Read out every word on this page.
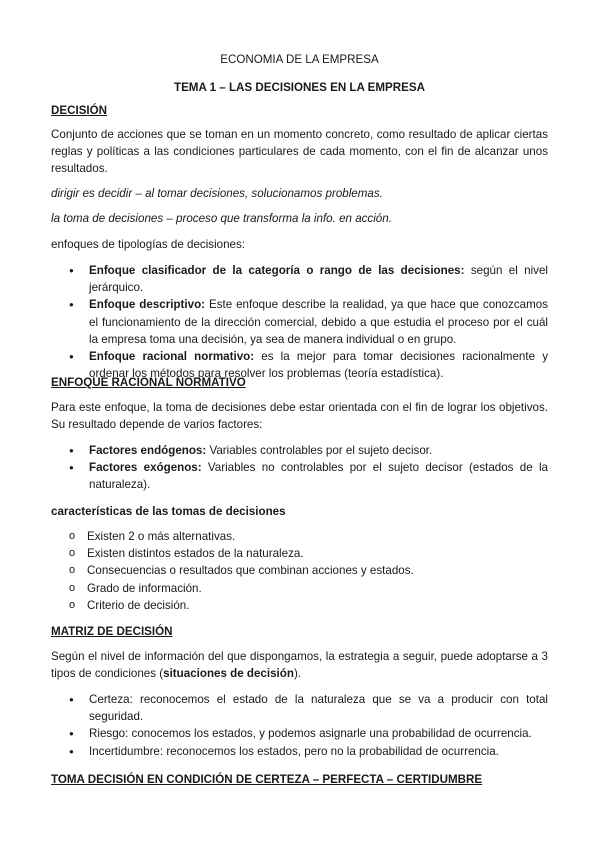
ECONOMIA DE LA EMPRESA
TEMA 1 – LAS DECISIONES EN LA EMPRESA
DECISIÓN
Conjunto de acciones que se toman en un momento concreto, como resultado de aplicar ciertas reglas y políticas a las condiciones particulares de cada momento, con el fin de alcanzar unos resultados.
dirigir es decidir – al tomar decisiones, solucionamos problemas.
la toma de decisiones – proceso que transforma la info. en acción.
enfoques de tipologías de decisiones:
● Enfoque clasificador de la categoría o rango de las decisiones: según el nivel jerárquico.
● Enfoque descriptivo: Este enfoque describe la realidad, ya que hace que conozcamos el funcionamiento de la dirección comercial, debido a que estudia el proceso por el cuál la empresa toma una decisión, ya sea de manera individual o en grupo.
● Enfoque racional normativo: es la mejor para tomar decisiones racionalmente y ordenar los métodos para resolver los problemas (teoría estadística).
ENFOQUE RACIONAL NORMATIVO
Para este enfoque, la toma de decisiones debe estar orientada con el fin de lograr los objetivos. Su resultado depende de varios factores:
● Factores endógenos: Variables controlables por el sujeto decisor.
● Factores exógenos: Variables no controlables por el sujeto decisor (estados de la naturaleza).
características de las tomas de decisiones
o Existen 2 o más alternativas.
o Existen distintos estados de la naturaleza.
o Consecuencias o resultados que combinan acciones y estados.
o Grado de información.
o Criterio de decisión.
MATRIZ DE DECISIÓN
Según el nivel de información del que dispongamos, la estrategia a seguir, puede adoptarse a 3 tipos de condiciones (situaciones de decisión).
● Certeza: reconocemos el estado de la naturaleza que se va a producir con total seguridad.
● Riesgo: conocemos los estados, y podemos asignarle una probabilidad de ocurrencia.
● Incertidumbre: reconocemos los estados, pero no la probabilidad de ocurrencia.
TOMA DECISIÓN EN CONDICIÓN DE CERTEZA – PERFECTA – CERTIDUMBRE
